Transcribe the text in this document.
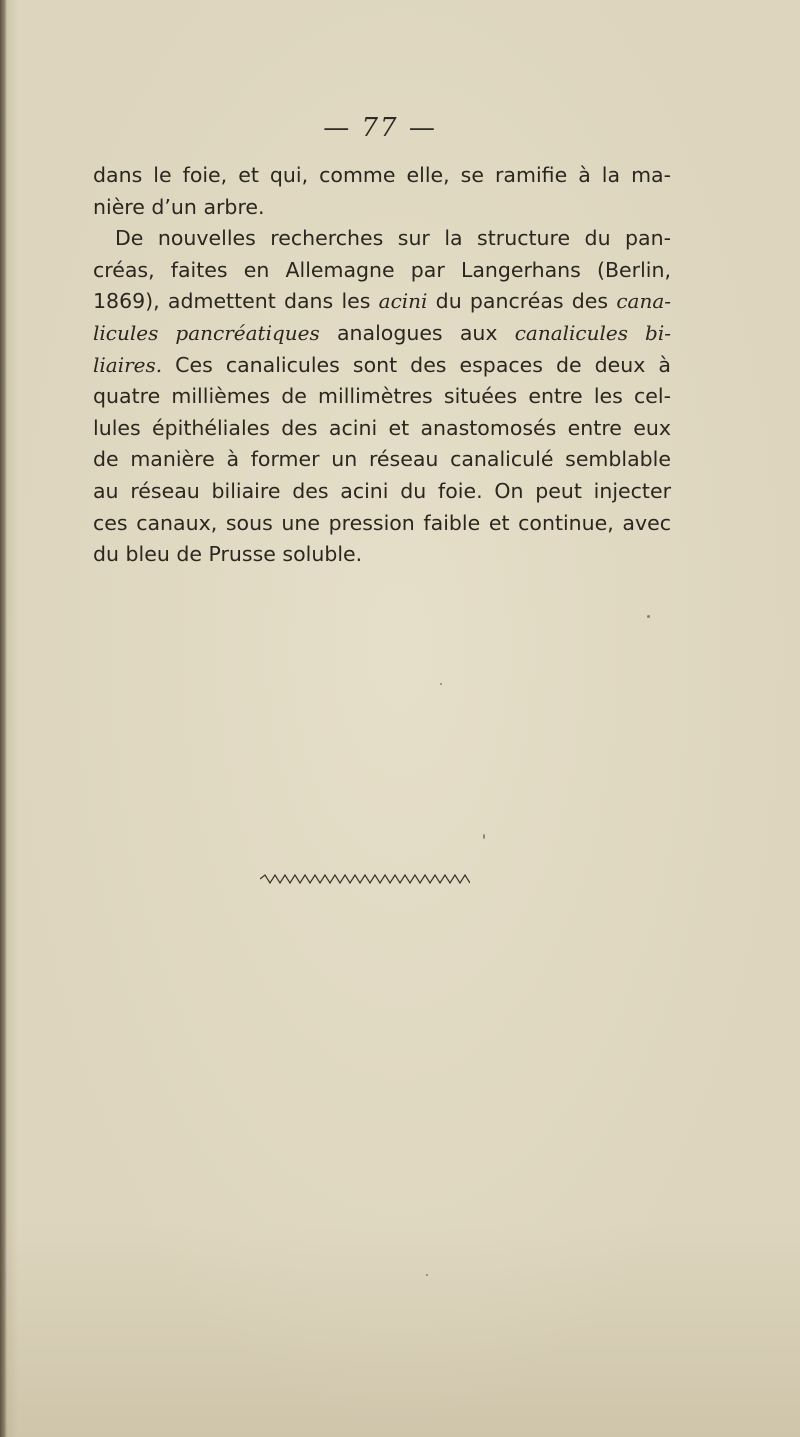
— 77 —
dans le foie, et qui, comme elle, se ramifie à la ma-
nière d’un arbre.
De nouvelles recherches sur la structure du pan-
créas, faites en Allemagne par Langerhans (Berlin,
1869), admettent dans les acini du pancréas des cana-
licules pancréatiques analogues aux canalicules bi-
liaires. Ces canalicules sont des espaces de deux à
quatre millièmes de millimètres situées entre les cel-
lules épithéliales des acini et anastomosés entre eux
de manière à former un réseau canaliculé semblable
au réseau biliaire des acini du foie. On peut injecter
ces canaux, sous une pression faible et continue, avec
du bleu de Prusse soluble.
